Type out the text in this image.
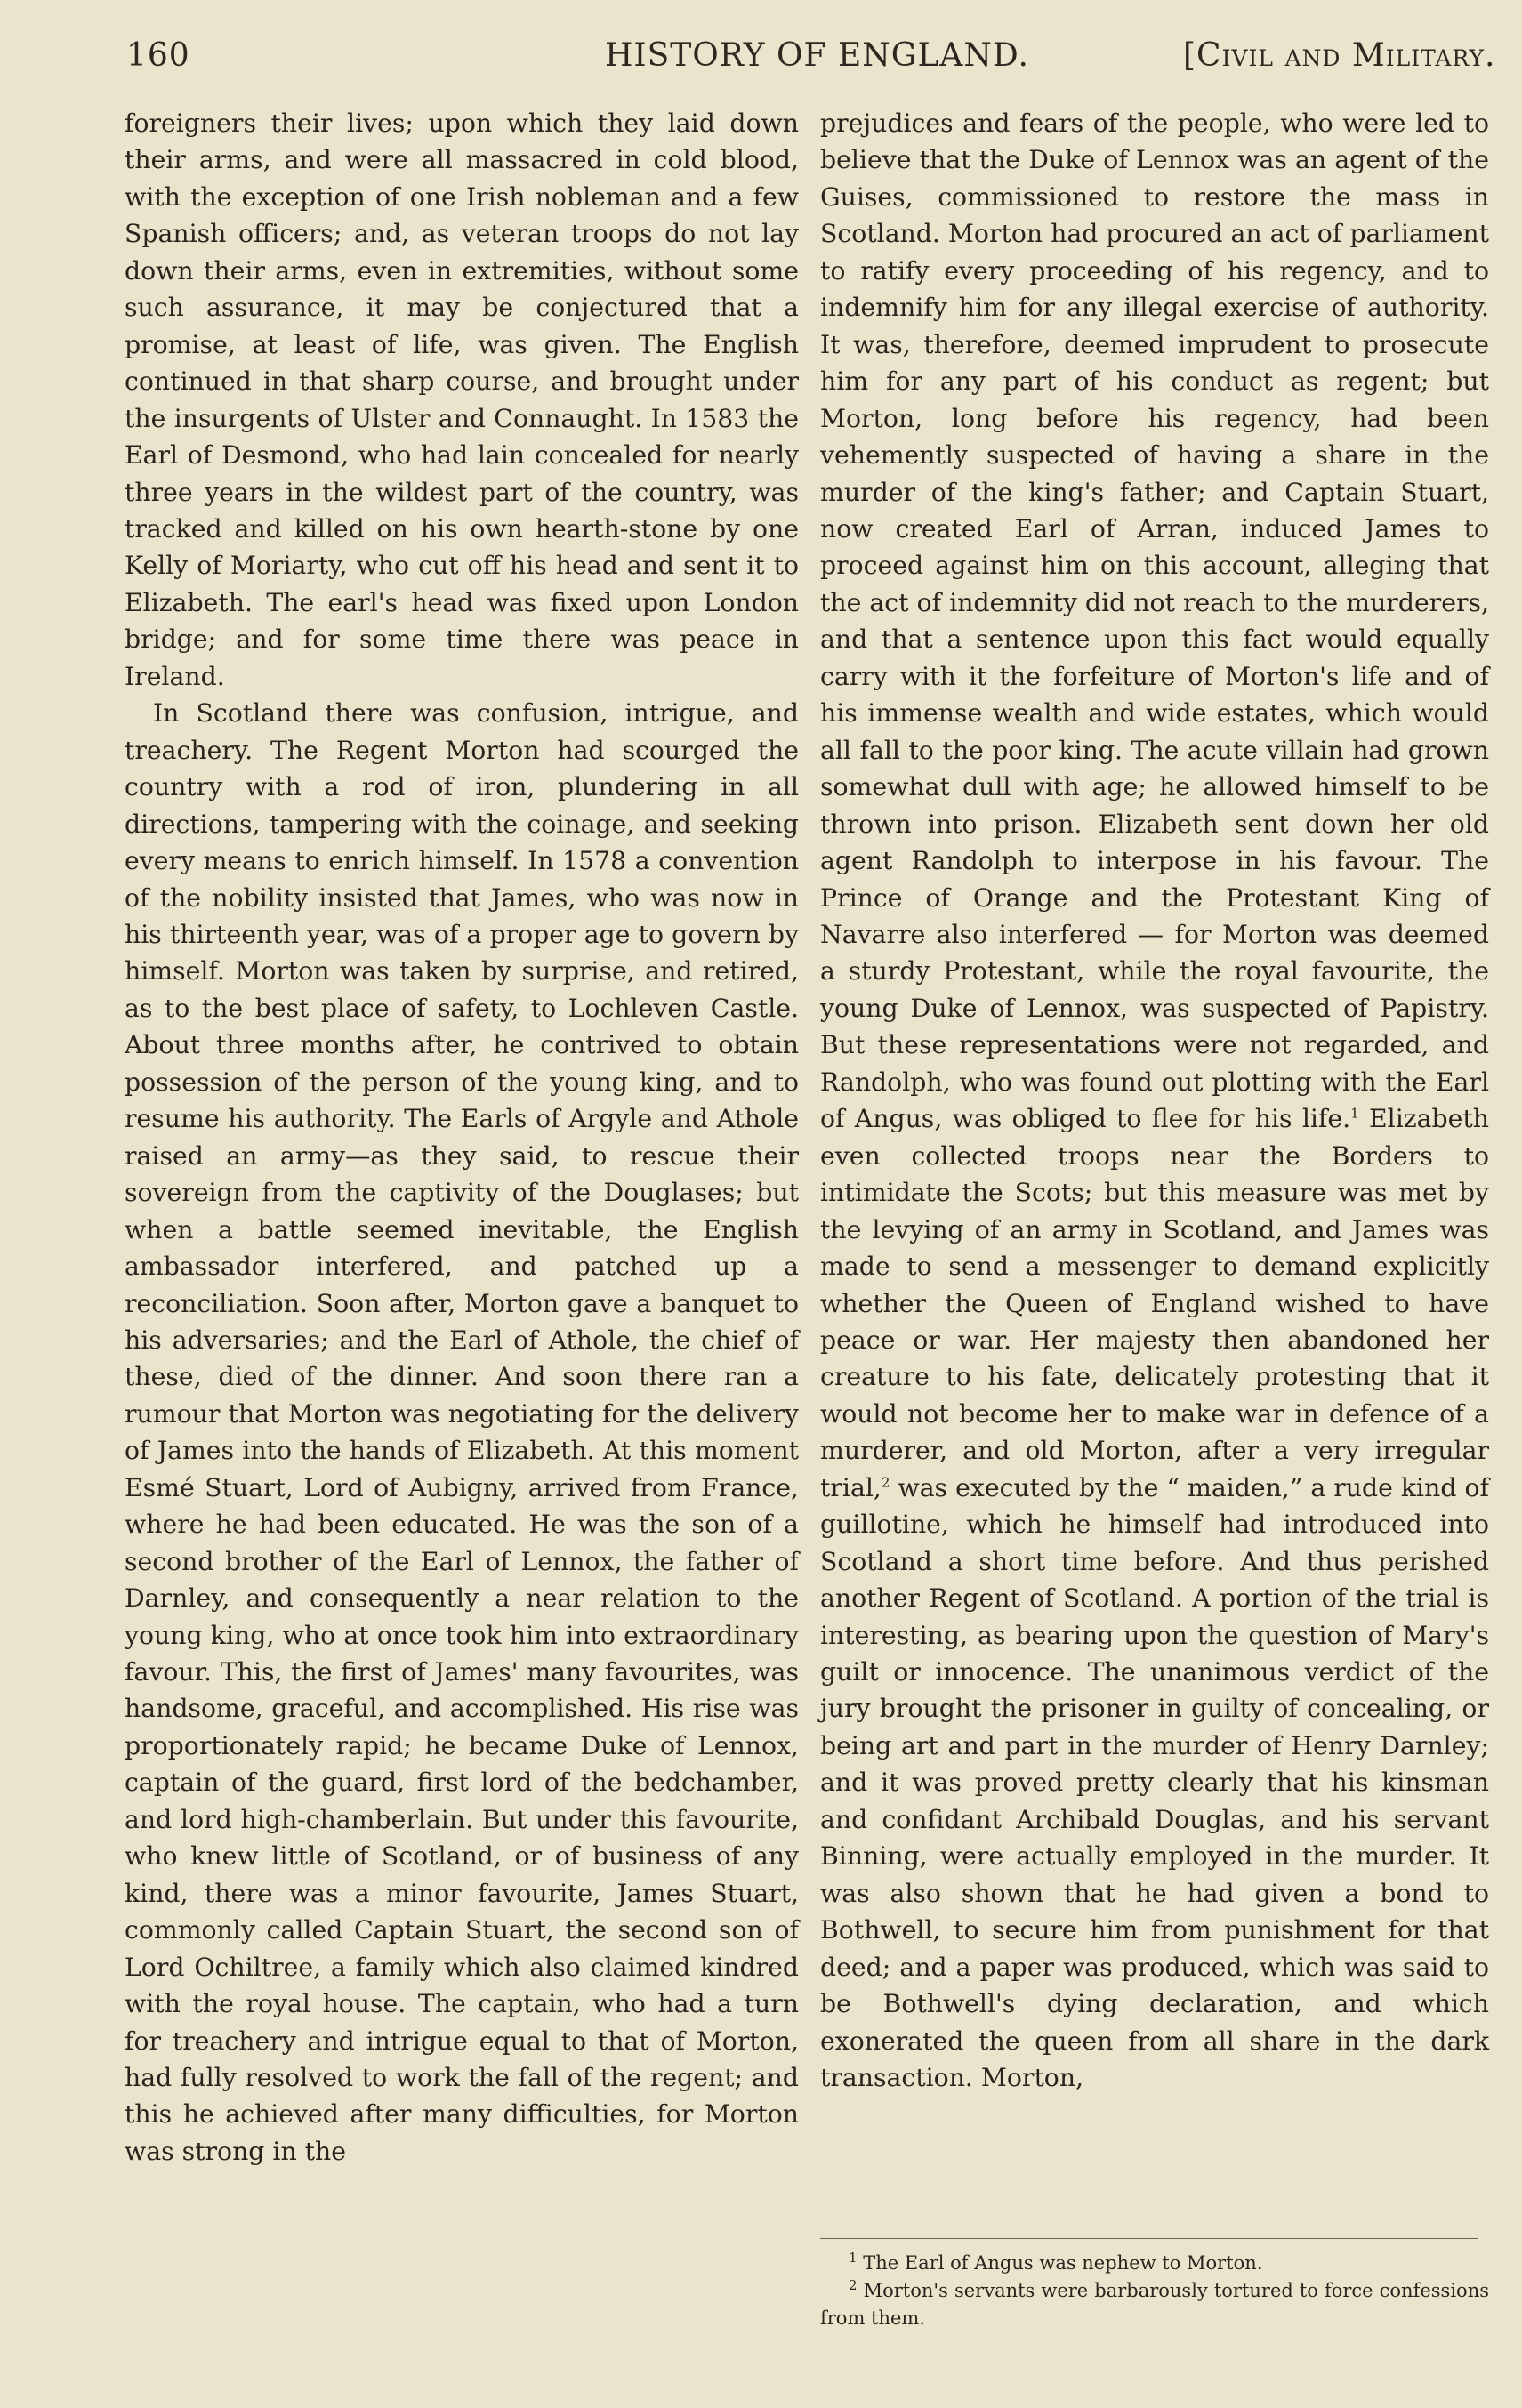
160	HISTORY OF ENGLAND.	[Civil and Military.

foreigners their lives; upon which they laid down their arms, and were all massacred in cold blood, with the exception of one Irish nobleman and a few Spanish officers; and, as veteran troops do not lay down their arms, even in extremities, without some such assurance, it may be conjectured that a promise, at least of life, was given. The English continued in that sharp course, and brought under the insurgents of Ulster and Connaught. In 1583 the Earl of Desmond, who had lain concealed for nearly three years in the wildest part of the country, was tracked and killed on his own hearth-stone by one Kelly of Moriarty, who cut off his head and sent it to Elizabeth. The earl's head was fixed upon London bridge; and for some time there was peace in Ireland.

In Scotland there was confusion, intrigue, and treachery. The Regent Morton had scourged the country with a rod of iron, plundering in all directions, tampering with the coinage, and seeking every means to enrich himself. In 1578 a convention of the nobility insisted that James, who was now in his thirteenth year, was of a proper age to govern by himself. Morton was taken by surprise, and retired, as to the best place of safety, to Lochleven Castle. About three months after, he contrived to obtain possession of the person of the young king, and to resume his authority. The Earls of Argyle and Athole raised an army—as they said, to rescue their sovereign from the captivity of the Douglases; but when a battle seemed inevitable, the English ambassador interfered, and patched up a reconciliation. Soon after, Morton gave a banquet to his adversaries; and the Earl of Athole, the chief of these, died of the dinner. And soon there ran a rumour that Morton was negotiating for the delivery of James into the hands of Elizabeth. At this moment Esmé Stuart, Lord of Aubigny, arrived from France, where he had been educated. He was the son of a second brother of the Earl of Lennox, the father of Darnley, and consequently a near relation to the young king, who at once took him into extraordinary favour. This, the first of James' many favourites, was handsome, graceful, and accomplished. His rise was proportionately rapid; he became Duke of Lennox, captain of the guard, first lord of the bedchamber, and lord high-chamberlain. But under this favourite, who knew little of Scotland, or of business of any kind, there was a minor favourite, James Stuart, commonly called Captain Stuart, the second son of Lord Ochiltree, a family which also claimed kindred with the royal house. The captain, who had a turn for treachery and intrigue equal to that of Morton, had fully resolved to work the fall of the regent; and this he achieved after many difficulties, for Morton was strong in the

prejudices and fears of the people, who were led to believe that the Duke of Lennox was an agent of the Guises, commissioned to restore the mass in Scotland. Morton had procured an act of parliament to ratify every proceeding of his regency, and to indemnify him for any illegal exercise of authority. It was, therefore, deemed imprudent to prosecute him for any part of his conduct as regent; but Morton, long before his regency, had been vehemently suspected of having a share in the murder of the king's father; and Captain Stuart, now created Earl of Arran, induced James to proceed against him on this account, alleging that the act of indemnity did not reach to the murderers, and that a sentence upon this fact would equally carry with it the forfeiture of Morton's life and of his immense wealth and wide estates, which would all fall to the poor king. The acute villain had grown somewhat dull with age; he allowed himself to be thrown into prison. Elizabeth sent down her old agent Randolph to interpose in his favour. The Prince of Orange and the Protestant King of Navarre also interfered — for Morton was deemed a sturdy Protestant, while the royal favourite, the young Duke of Lennox, was suspected of Papistry. But these representations were not regarded, and Randolph, who was found out plotting with the Earl of Angus, was obliged to flee for his life.$^1$ Elizabeth even collected troops near the Borders to intimidate the Scots; but this measure was met by the levying of an army in Scotland, and James was made to send a messenger to demand explicitly whether the Queen of England wished to have peace or war. Her majesty then abandoned her creature to his fate, delicately protesting that it would not become her to make war in defence of a murderer, and old Morton, after a very irregular trial,$^2$ was executed by the “ maiden,” a rude kind of guillotine, which he himself had introduced into Scotland a short time before. And thus perished another Regent of Scotland. A portion of the trial is interesting, as bearing upon the question of Mary's guilt or innocence. The unanimous verdict of the jury brought the prisoner in guilty of concealing, or being art and part in the murder of Henry Darnley; and it was proved pretty clearly that his kinsman and confidant Archibald Douglas, and his servant Binning, were actually employed in the murder. It was also shown that he had given a bond to Bothwell, to secure him from punishment for that deed; and a paper was produced, which was said to be Bothwell's dying declaration, and which exonerated the queen from all share in the dark transaction. Morton,

$^1$ The Earl of Angus was nephew to Morton.

$^2$ Morton's servants were barbarously tortured to force confessions from them.
